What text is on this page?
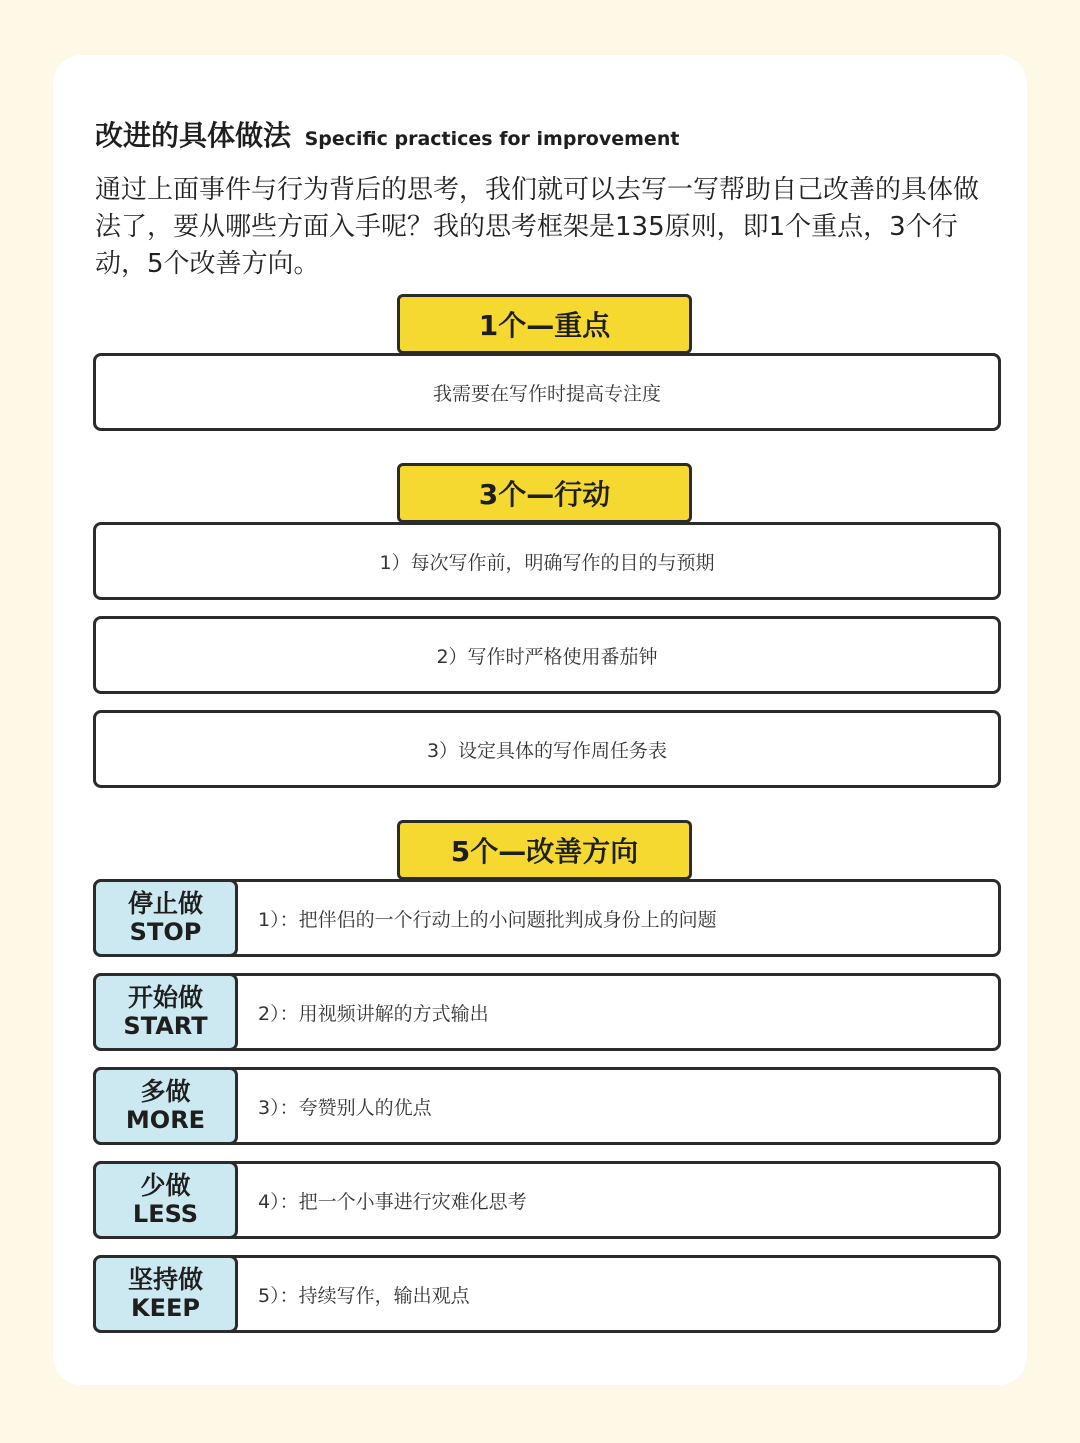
改进的具体做法 Specific practices for improvement
通过上面事件与行为背后的思考，我们就可以去写一写帮助自己改善的具体做法了，要从哪些方面入手呢？我的思考框架是135原则，即1个重点，3个行动，5个改善方向。
1个—重点
我需要在写作时提高专注度
3个—行动
1）每次写作前，明确写作的目的与预期
2）写作时严格使用番茄钟
3）设定具体的写作周任务表
5个—改善方向
停止做
STOP	1）：把伴侣的一个行动上的小问题批判成身份上的问题
开始做
START	2）：用视频讲解的方式输出
多做
MORE	3）：夸赞别人的优点
少做
LESS	4）：把一个小事进行灾难化思考
坚持做
KEEP	5）：持续写作，输出观点
